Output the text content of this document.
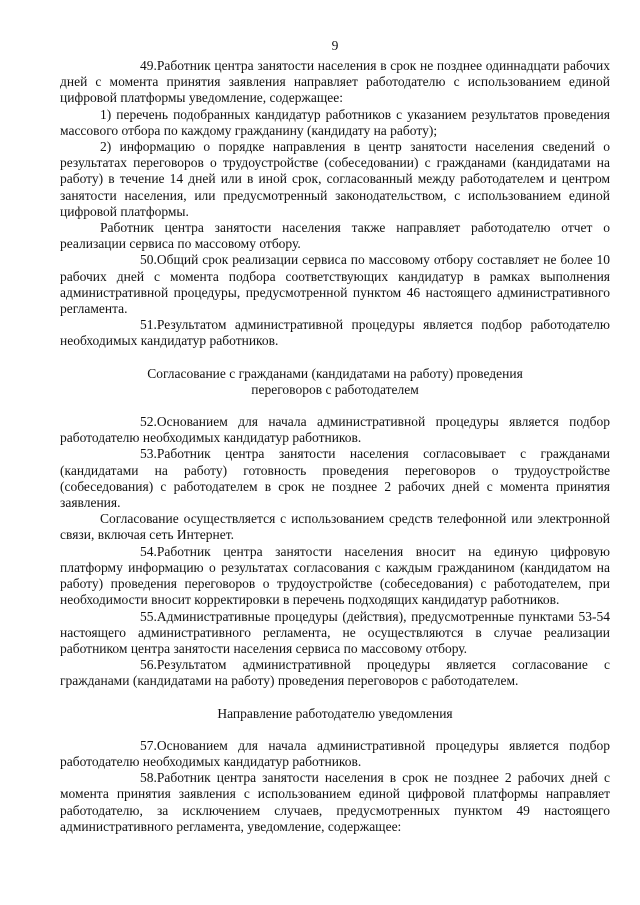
9

49.Работник центра занятости населения в срок не позднее одиннадцати рабочих дней с момента принятия заявления направляет работодателю с использованием единой цифровой платформы уведомление, содержащее:

1) перечень подобранных кандидатур работников с указанием результатов проведения массового отбора по каждому гражданину (кандидату на работу);

2) информацию о порядке направления в центр занятости населения сведений о результатах переговоров о трудоустройстве (собеседовании) с гражданами (кандидатами на работу) в течение 14 дней или в иной срок, согласованный между работодателем и центром занятости населения, или предусмотренный законодательством, с использованием единой цифровой платформы.

Работник центра занятости населения также направляет работодателю отчет о реализации сервиса по массовому отбору.

50.Общий срок реализации сервиса по массовому отбору составляет не более 10 рабочих дней с момента подбора соответствующих кандидатур в рамках выполнения административной процедуры, предусмотренной пунктом 46 настоящего административного регламента.

51.Результатом административной процедуры является подбор работодателю необходимых кандидатур работников.

Согласование с гражданами (кандидатами на работу) проведения
переговоров с работодателем

52.Основанием для начала административной процедуры является подбор работодателю необходимых кандидатур работников.

53.Работник центра занятости населения согласовывает с гражданами (кандидатами на работу) готовность проведения переговоров о трудоустройстве (собеседования) с работодателем в срок не позднее 2 рабочих дней с момента принятия заявления.

Согласование осуществляется с использованием средств телефонной или электронной связи, включая сеть Интернет.

54.Работник центра занятости населения вносит на единую цифровую платформу информацию о результатах согласования с каждым гражданином (кандидатом на работу) проведения переговоров о трудоустройстве (собеседования) с работодателем, при необходимости вносит корректировки в перечень подходящих кандидатур работников.

55.Административные процедуры (действия), предусмотренные пунктами 53-54 настоящего административного регламента, не осуществляются в случае реализации работником центра занятости населения сервиса по массовому отбору.

56.Результатом административной процедуры является согласование с гражданами (кандидатами на работу) проведения переговоров с работодателем.

Направление работодателю уведомления

57.Основанием для начала административной процедуры является подбор работодателю необходимых кандидатур работников.

58.Работник центра занятости населения в срок не позднее 2 рабочих дней с момента принятия заявления с использованием единой цифровой платформы направляет работодателю, за исключением случаев, предусмотренных пунктом 49 настоящего административного регламента, уведомление, содержащее:
